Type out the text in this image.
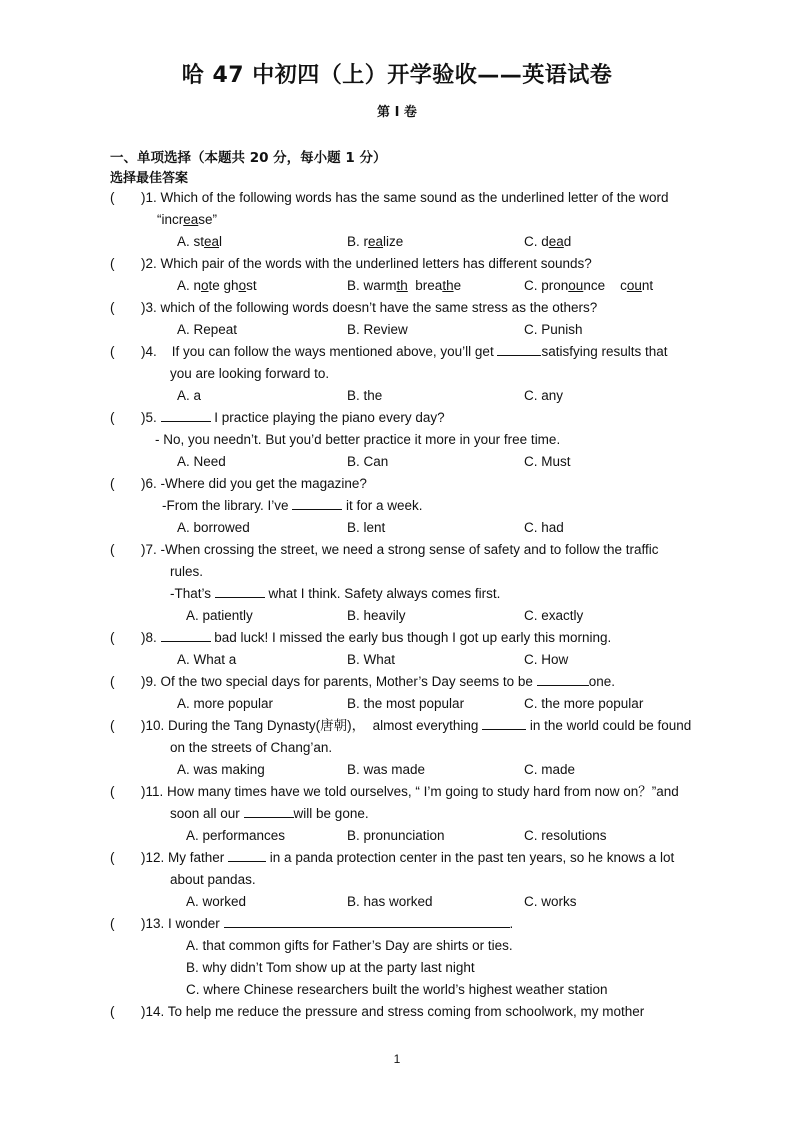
哈 47 中初四（上）开学验收——英语试卷
第 I 卷
一、单项选择（本题共 20 分，每小题 1 分）
选择最佳答案
( )1. Which of the following words has the same sound as the underlined letter of the word
“increase”
A. steal	B. realize	C. dead
( )2. Which pair of the words with the underlined letters has different sounds?
A. note ghost	B. warmth  breathe	C. pronounce    count
( )3. which of the following words doesn’t have the same stress as the others?
A. Repeat	B. Review	C. Punish
( )4.    If you can follow the ways mentioned above, you’ll get	satisfying results that
you are looking forward to.
A. a	B. the	C. any
( )5.	I practice playing the piano every day?
- No, you needn’t. But you’d better practice it more in your free time.
A. Need	B. Can	C. Must
( )6. -Where did you get the magazine?
-From the library. I’ve	it for a week.
A. borrowed	B. lent	C. had
( )7. -When crossing the street, we need a strong sense of safety and to follow the traffic
rules.
-That’s	what I think. Safety always comes first.
A. patiently	B. heavily	C. exactly
( )8.	bad luck! I missed the early bus though I got up early this morning.
A. What a	B. What	C. How
( )9. Of the two special days for parents, Mother’s Day seems to be	one.
A. more popular	B. the most popular	C. the more popular
( )10. During the Tang Dynasty(唐朝)，  almost everything	in the world could be found
on the streets of Chang’an.
A. was making	B. was made	C. made
( )11. How many times have we told ourselves, “ I’m going to study hard from now on？”and
soon all our	will be gone.
A. performances	B. pronunciation	C. resolutions
( )12. My father	in a panda protection center in the past ten years, so he knows a lot
about pandas.
A. worked	B. has worked	C. works
( )13. I wonder	.
A. that common gifts for Father’s Day are shirts or ties.
B. why didn’t Tom show up at the party last night
C. where Chinese researchers built the world’s highest weather station
( )14. To help me reduce the pressure and stress coming from schoolwork, my mother
1
